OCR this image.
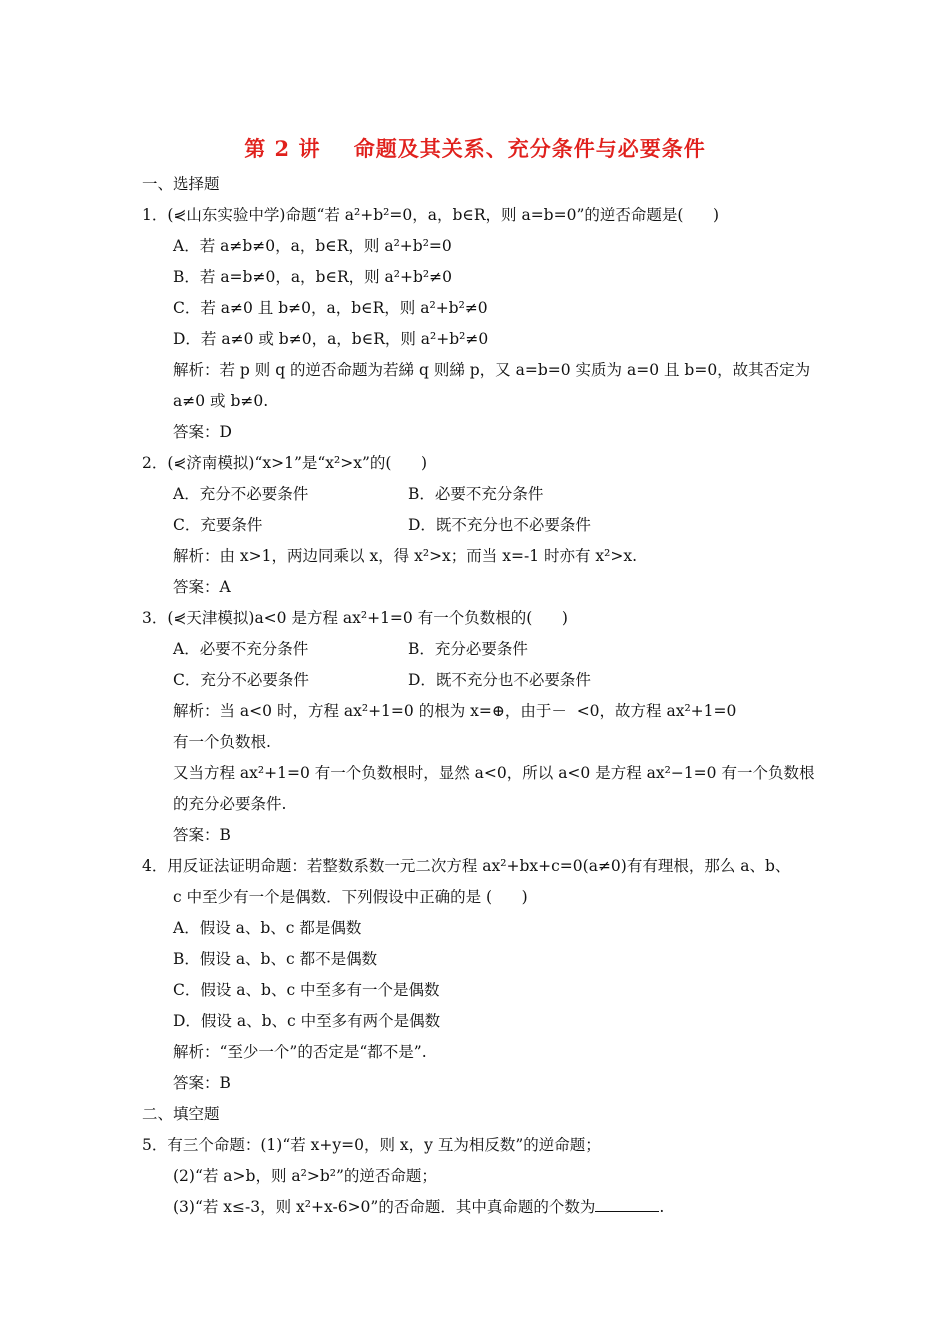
第 2 讲    命题及其关系、充分条件与必要条件
一、选择题
1．(⋞山东实验中学)命题“若 a²+b²=0，a，b∈R，则 a=b=0”的逆否命题是(      )
A．若 a≠b≠0，a，b∈R，则 a²+b²=0
B．若 a=b≠0，a，b∈R，则 a²+b²≠0
C．若 a≠0 且 b≠0，a，b∈R，则 a²+b²≠0
D．若 a≠0 或 b≠0，a，b∈R，则 a²+b²≠0
解析：若 p 则 q 的逆否命题为若綈 q 则綈 p，又 a=b=0 实质为 a=0 且 b=0，故其否定为
a≠0 或 b≠0.
答案：D
2．(⋞济南模拟)“x>1”是“x²>x”的(      )
A．充分不必要条件	B．必要不充分条件
C．充要条件	D．既不充分也不必要条件
解析：由 x>1，两边同乘以 x，得 x²>x；而当 x=-1 时亦有 x²>x.
答案：A
3．(⋞天津模拟)a<0 是方程 ax²+1=0 有一个负数根的(      )
A．必要不充分条件	B．充分必要条件
C．充分不必要条件	D．既不充分也不必要条件
解析：当 a<0 时，方程 ax²+1=0 的根为 x=⊕，由于－  <0，故方程 ax²+1=0
有一个负数根.
又当方程 ax²+1=0 有一个负数根时，显然 a<0，所以 a<0 是方程 ax²−1=0 有一个负数根
的充分必要条件.
答案：B
4．用反证法证明命题：若整数系数一元二次方程 ax²+bx+c=0(a≠0)有有理根，那么 a、b、
c 中至少有一个是偶数．下列假设中正确的是 (      )
A．假设 a、b、c 都是偶数
B．假设 a、b、c 都不是偶数
C．假设 a、b、c 中至多有一个是偶数
D．假设 a、b、c 中至多有两个是偶数
解析：“至少一个”的否定是“都不是”.
答案：B
二、填空题
5．有三个命题：(1)“若 x+y=0，则 x，y 互为相反数”的逆命题；
(2)“若 a>b，则 a²>b²”的逆否命题；
(3)“若 x≤-3，则 x²+x-6>0”的否命题．其中真命题的个数为	.
